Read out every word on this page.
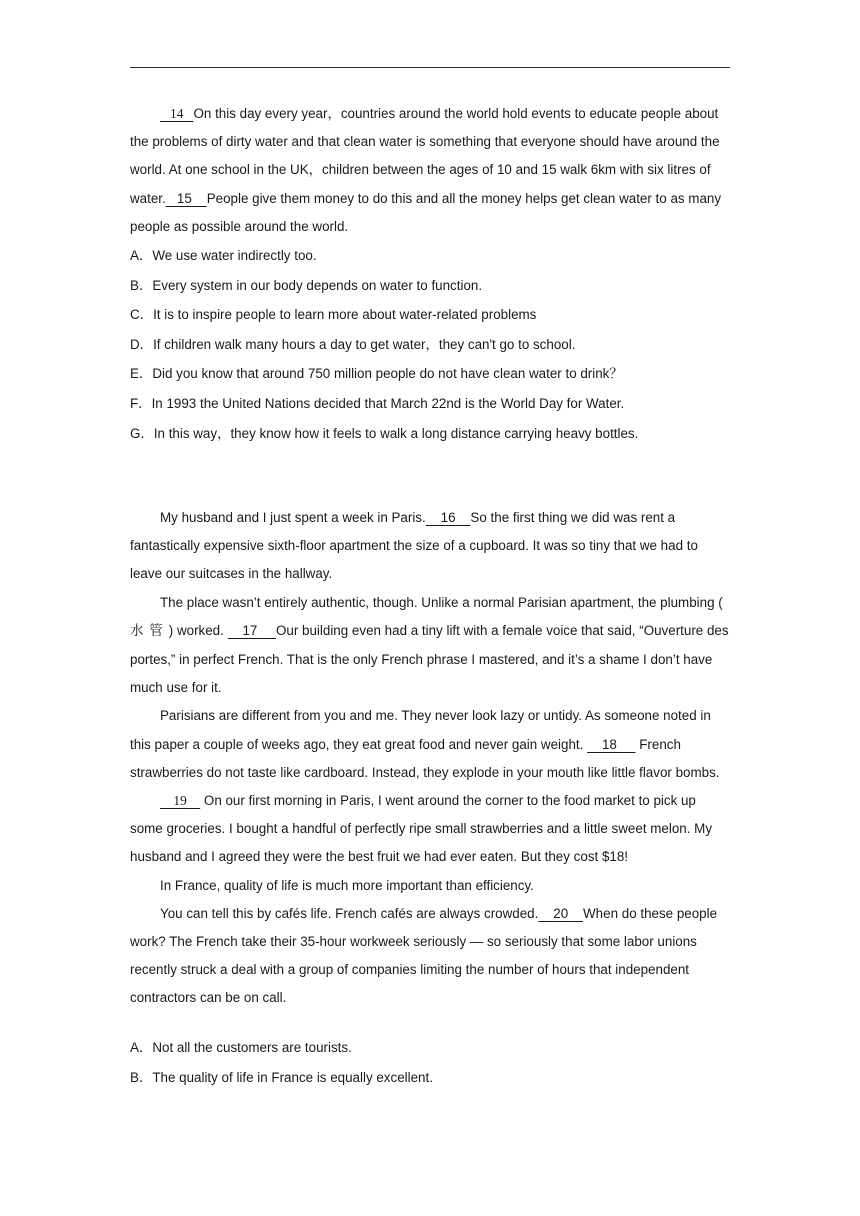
14 On this day every year，countries around the world hold events to educate people about the problems of dirty water and that clean water is something that everyone should have around the world. At one school in the UK，children between the ages of 10 and 15 walk 6km with six litres of water. 15 People give them money to do this and all the money helps get clean water to as many people as possible around the world.

A．We use water indirectly too.

B．Every system in our body depends on water to function.

C．It is to inspire people to learn more about water-related problems

D．If children walk many hours a day to get water，they can't go to school.

E．Did you know that around 750 million people do not have clean water to drink？

F．In 1993 the United Nations decided that March 22nd is the World Day for Water.

G．In this way，they know how it feels to walk a long distance carrying heavy bottles.

My husband and I just spent a week in Paris. 16 So the first thing we did was rent a fantastically expensive sixth-floor apartment the size of a cupboard. It was so tiny that we had to leave our suitcases in the hallway.

The place wasn’t entirely authentic, though. Unlike a normal Parisian apartment, the plumbing ( 水管) worked. 17 Our building even had a tiny lift with a female voice that said, “Ouverture des portes,” in perfect French. That is the only French phrase I mastered, and it’s a shame I don’t have much use for it.

Parisians are different from you and me. They never look lazy or untidy. As someone noted in this paper a couple of weeks ago, they eat great food and never gain weight. 18 French strawberries do not taste like cardboard. Instead, they explode in your mouth like little flavor bombs.

19 On our first morning in Paris, I went around the corner to the food market to pick up some groceries. I bought a handful of perfectly ripe small strawberries and a little sweet melon. My husband and I agreed they were the best fruit we had ever eaten. But they cost $18!

In France, quality of life is much more important than efficiency.

You can tell this by cafés life. French cafés are always crowded. 20 When do these people work? The French take their 35-hour workweek seriously — so seriously that some labor unions recently struck a deal with a group of companies limiting the number of hours that independent contractors can be on call.

A．Not all the customers are tourists.

B．The quality of life in France is equally excellent.
